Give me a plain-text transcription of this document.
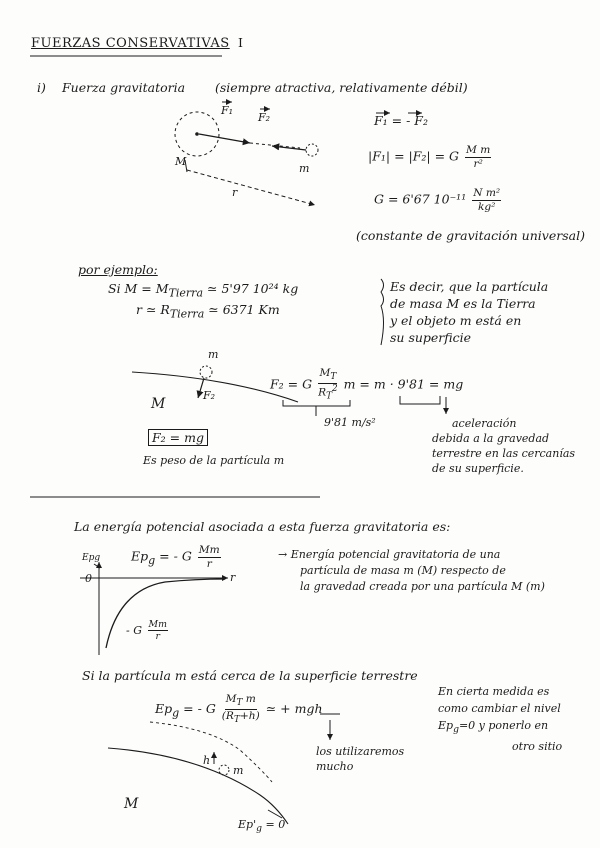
FUERZAS CONSERVATIVAS I
i) Fuerza gravitatoria (siempre atractiva, relativamente débil)
F₁
F₂
M
m
r
F₁ = - F₂
|F₁| = |F₂| = G $\frac{\text{M m}}{\text{r²}}$
G = 6'67 $10^{-11} \frac{\text{N m²}}{\text{kg²}}$
(constante de gravitación universal)
por ejemplo:
Si $M = M_{Tierra}$ ≃ 5'97 10²⁴ kg
r ≃ $R_{Tierra}$ ≃ 6371 Km
Es decir, que la partícula
de masa M es la Tierra
y el objeto m está en
su superficie
m
M
F₂
F₂ = mg
Es peso de la partícula m
F₂ = G $\frac{M_T}{R_T^2}$ m = m · 9'81 = mg
9'81 m/s²	aceleración
debida a la gravedad
terrestre en las cercanías
de su superficie.
La energía potencial asociada a esta fuerza gravitatoria es:
$Ep_g$ = - G $\frac{Mm}{r}$	→ Energía potencial gravitatoria de una
partícula de masa m (M) respecto de
la gravedad creada por una partícula M (m)
Epg
0	r
- G $\frac{Mm}{r}$
Si la partícula m está cerca de la superficie terrestre
$Ep_g$ = - G $\frac{M_T m}{(R_T+h)}$ ≃ + mgh
los utilizaremos
mucho
En cierta medida es
como cambiar el nivel
$Ep_g=0$ y ponerlo en
otro sitio
h
m
M
$Ep'_g = 0$
